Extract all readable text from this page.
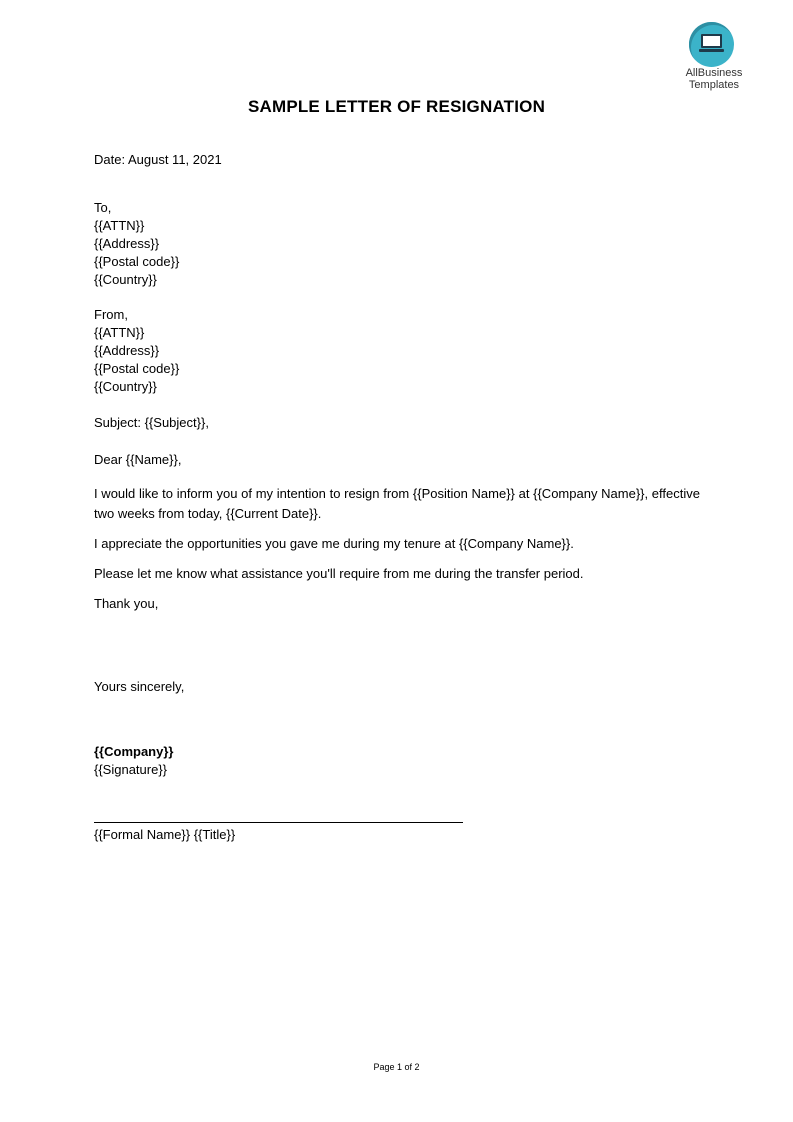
AllBusiness
Templates
SAMPLE LETTER OF RESIGNATION
Date: August 11, 2021
To,
{{ATTN}}
{{Address}}
{{Postal code}}
{{Country}}
From,
{{ATTN}}
{{Address}}
{{Postal code}}
{{Country}}
Subject: {{Subject}},
Dear {{Name}},
I would like to inform you of my intention to resign from {{Position Name}} at {{Company Name}}, effective two weeks from today, {{Current Date}}.
I appreciate the opportunities you gave me during my tenure at {{Company Name}}.
Please let me know what assistance you'll require from me during the transfer period.
Thank you,
Yours sincerely,
{{Company}}
{{Signature}}
{{Formal Name}} {{Title}}
Page 1 of 2
